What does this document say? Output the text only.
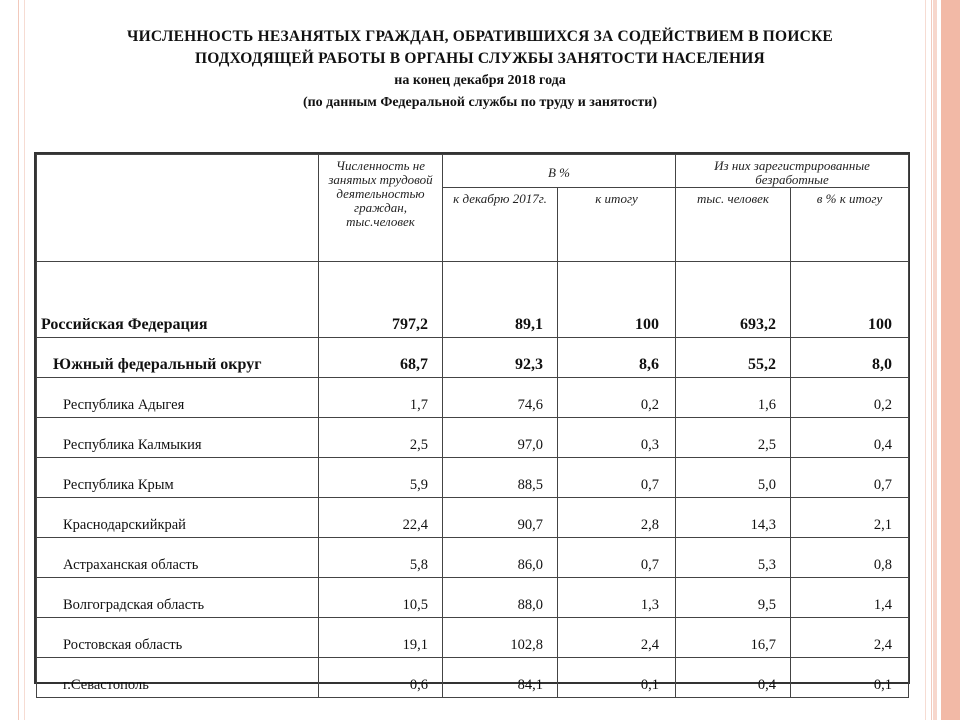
ЧИСЛЕННОСТЬ НЕЗАНЯТЫХ ГРАЖДАН, ОБРАТИВШИХСЯ ЗА СОДЕЙСТВИЕМ В ПОИСКЕ
ПОДХОДЯЩЕЙ РАБОТЫ В ОРГАНЫ СЛУЖБЫ ЗАНЯТОСТИ НАСЕЛЕНИЯ
на конец декабря 2018 года
(по данным Федеральной службы по труду и занятости)
	Численность не занятых трудовой деятельностью граждан, тыс.человек	В %		Из них зарегистрированные безработные	
		к декабрю 2017г.	к итогу	тыс. человек	в % к итогу
Российская Федерация	797,2	89,1	100	693,2	100
Южный федеральный округ	68,7	92,3	8,6	55,2	8,0
Республика Адыгея	1,7	74,6	0,2	1,6	0,2
Республика Калмыкия	2,5	97,0	0,3	2,5	0,4
Республика Крым	5,9	88,5	0,7	5,0	0,7
Краснодарскийкрай	22,4	90,7	2,8	14,3	2,1
Астраханская область	5,8	86,0	0,7	5,3	0,8
Волгоградская область	10,5	88,0	1,3	9,5	1,4
Ростовская область	19,1	102,8	2,4	16,7	2,4
г.Севастополь	0,6	84,1	0,1	0,4	0,1
